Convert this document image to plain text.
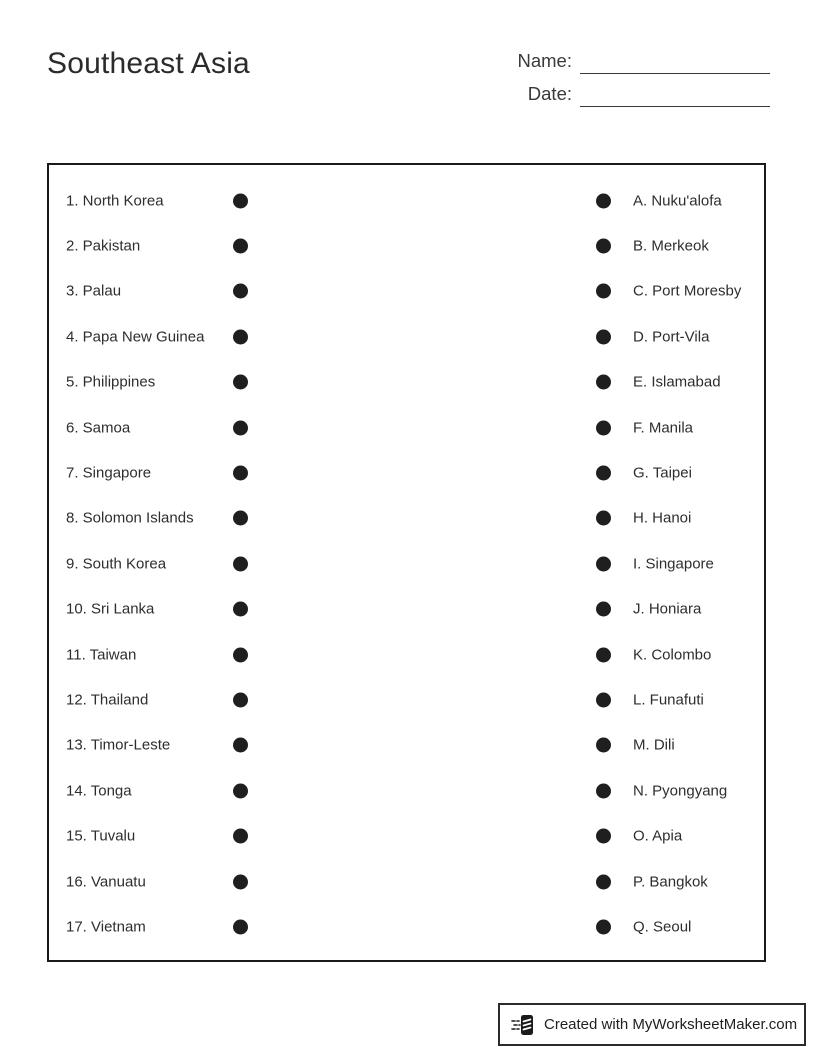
Southeast Asia	Name:
Date:
1. North Korea	A. Nuku'alofa
2. Pakistan	B. Merkeok
3. Palau	C. Port Moresby
4. Papa New Guinea	D. Port-Vila
5. Philippines	E. Islamabad
6. Samoa	F. Manila
7. Singapore	G. Taipei
8. Solomon Islands	H. Hanoi
9. South Korea	I. Singapore
10. Sri Lanka	J. Honiara
11. Taiwan	K. Colombo
12. Thailand	L. Funafuti
13. Timor-Leste	M. Dili
14. Tonga	N. Pyongyang
15. Tuvalu	O. Apia
16. Vanuatu	P. Bangkok
17. Vietnam	Q. Seoul
Created with MyWorksheetMaker.com
